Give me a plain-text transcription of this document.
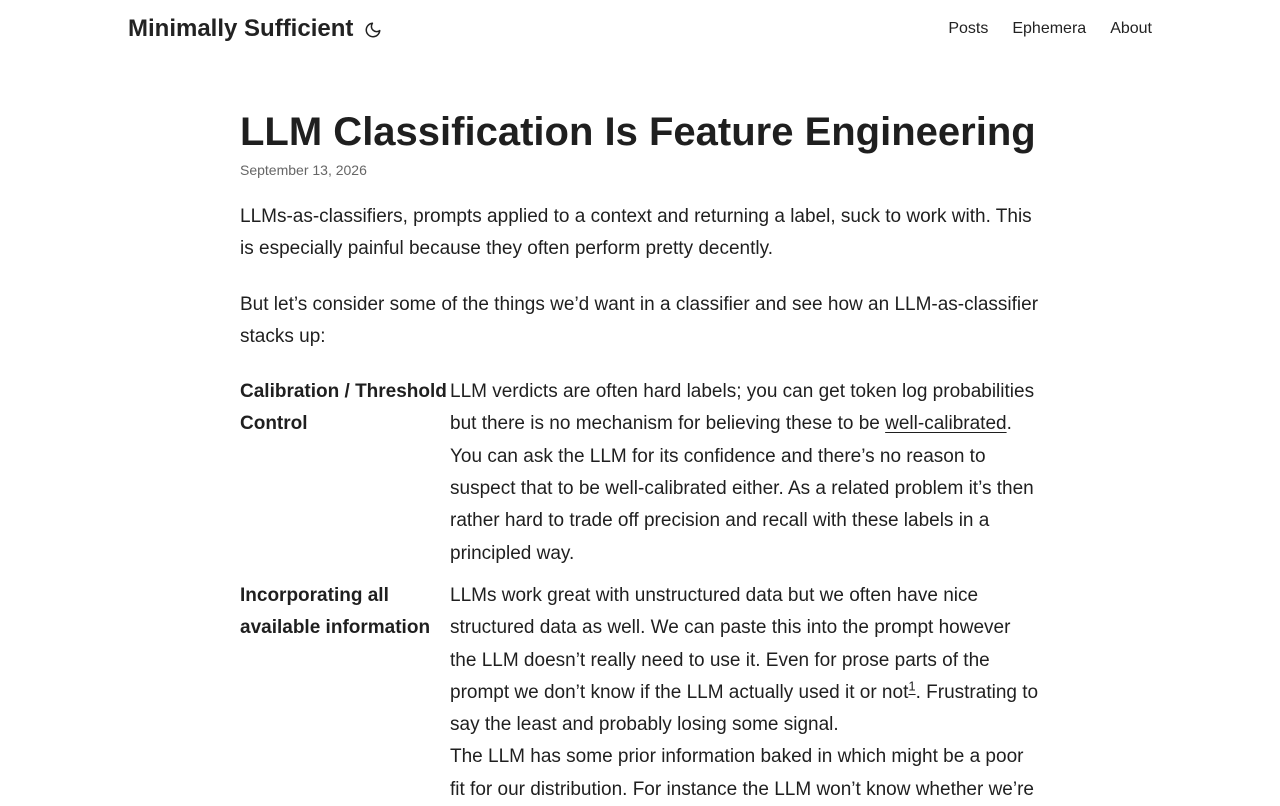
Minimally Sufficient	Posts Ephemera About
LLM Classification Is Feature Engineering
September 13, 2026

LLMs-as-classifiers, prompts applied to a context and returning a label, suck to work with. This is especially painful because they often perform pretty decently.

But let’s consider some of the things we’d want in a classifier and see how an LLM-as-classifier stacks up:

Calibration / Threshold Control
LLM verdicts are often hard labels; you can get token log probabilities but there is no mechanism for believing these to be well-calibrated. You can ask the LLM for its confidence and there’s no reason to suspect that to be well-calibrated either. As a related problem it’s then rather hard to trade off precision and recall with these labels in a principled way.
Incorporating all available information
LLMs work great with unstructured data but we often have nice structured data as well. We can paste this into the prompt however the LLM doesn’t really need to use it. Even for prose parts of the prompt we don’t know if the LLM actually used it or not$^1$. Frustrating to say the least and probably losing some signal.
The LLM has some prior information baked in which might be a poor fit for our distribution. For instance the LLM won’t know whether we’re
